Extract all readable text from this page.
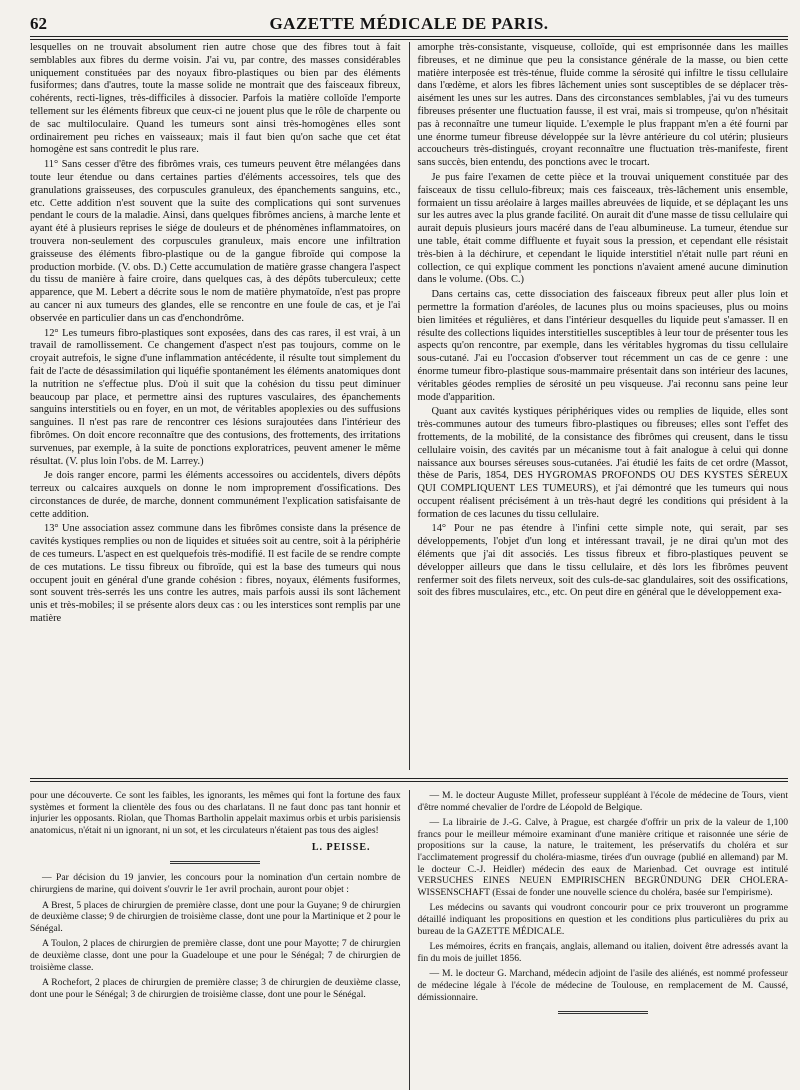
62	GAZETTE MÉDICALE DE PARIS.

lesquelles on ne trouvait absolument rien autre chose que des fibres tout à fait semblables aux fibres du derme voisin. J'ai vu, par contre, des masses considérables uniquement constituées par des noyaux fibro-plastiques ou bien par des éléments fusiformes; dans d'autres, toute la masse solide ne montrait que des faisceaux fibreux, cohérents, recti-lignes, très-difficiles à dissocier. Parfois la matière colloïde l'emporte tellement sur les éléments fibreux que ceux-ci ne jouent plus que le rôle de charpente ou de sac multiloculaire. Quand les tumeurs sont ainsi très-homogènes elles sont ordinairement peu riches en vaisseaux; mais il faut bien qu'on sache que cet état homogène est sans contredit le plus rare.

11° Sans cesser d'être des fibrômes vrais, ces tumeurs peuvent être mélangées dans toute leur étendue ou dans certaines parties d'éléments accessoires, tels que des granulations graisseuses, des corpuscules granuleux, des épanchements sanguins, etc., etc. Cette addition n'est souvent que la suite des complications qui sont survenues pendant le cours de la maladie. Ainsi, dans quelques fibrômes anciens, à marche lente et ayant été à plusieurs reprises le siége de douleurs et de phénomènes inflammatoires, on trouvera non-seulement des corpuscules granuleux, mais encore une infiltration graisseuse des éléments fibro-plastique ou de la gangue fibroïde qui compose la production morbide. (V. obs. D.) Cette accumulation de matière grasse changera l'aspect du tissu de manière à faire croire, dans quelques cas, à des dépôts tuberculeux; cette apparence, que M. Lebert a décrite sous le nom de matière phymatoïde, n'est pas propre au cancer ni aux tumeurs des glandes, elle se rencontre en une foule de cas, et je l'ai observée en particulier dans un cas d'enchondrôme.

12° Les tumeurs fibro-plastiques sont exposées, dans des cas rares, il est vrai, à un travail de ramollissement. Ce changement d'aspect n'est pas toujours, comme on le croyait autrefois, le signe d'une inflammation antécédente, il résulte tout simplement du fait de l'acte de désassimilation qui liquéfie spontanément les éléments anatomiques dont la nutrition ne s'effectue plus. D'où il suit que la cohésion du tissu peut diminuer beaucoup par place, et permettre ainsi des ruptures vasculaires, des épanchements sanguins interstitiels ou en foyer, en un mot, de véritables apoplexies ou des suffusions sanguines. Il n'est pas rare de rencontrer ces lésions surajoutées dans l'intérieur des fibrômes. On doit encore reconnaître que des contusions, des frottements, des irritations survenues, par exemple, à la suite de ponctions exploratrices, peuvent amener le même résultat. (V. plus loin l'obs. de M. Larrey.)

Je dois ranger encore, parmi les éléments accessoires ou accidentels, divers dépôts terreux ou calcaires auxquels on donne le nom improprement d'ossifications. Des circonstances de durée, de marche, donnent communément l'explication satisfaisante de cette addition.

13° Une association assez commune dans les fibrômes consiste dans la présence de cavités kystiques remplies ou non de liquides et situées soit au centre, soit à la périphérie de ces tumeurs. L'aspect en est quelquefois très-modifié. Il est facile de se rendre compte de ces mutations. Le tissu fibreux ou fibroïde, qui est la base des tumeurs qui nous occupent jouit en général d'une grande cohésion : fibres, noyaux, éléments fusiformes, sont souvent très-serrés les uns contre les autres, mais parfois aussi ils sont lâchement unis et très-mobiles; il se présente alors deux cas : ou les interstices sont remplis par une matière

amorphe très-consistante, visqueuse, colloïde, qui est emprisonnée dans les mailles fibreuses, et ne diminue que peu la consistance générale de la masse, ou bien cette matière interposée est très-ténue, fluide comme la sérosité qui infiltre le tissu cellulaire dans l'œdème, et alors les fibres lâchement unies sont susceptibles de se déplacer très-aisément les unes sur les autres. Dans des circonstances semblables, j'ai vu des tumeurs fibreuses présenter une fluctuation fausse, il est vrai, mais si trompeuse, qu'on n'hésitait pas à reconnaître une tumeur liquide. L'exemple le plus frappant m'en a été fourni par une énorme tumeur fibreuse développée sur la lèvre antérieure du col utérin; plusieurs accoucheurs très-distingués, croyant reconnaître une fluctuation très-manifeste, firent sans succès, bien entendu, des ponctions avec le trocart.

Je pus faire l'examen de cette pièce et la trouvai uniquement constituée par des faisceaux de tissu cellulo-fibreux; mais ces faisceaux, très-lâchement unis ensemble, formaient un tissu aréolaire à larges mailles abreuvées de liquide, et se déplaçant les uns sur les autres avec la plus grande facilité. On aurait dit d'une masse de tissu cellulaire qui aurait depuis plusieurs jours macéré dans de l'eau albumineuse. La tumeur, étendue sur une table, était comme diffluente et fuyait sous la pression, et cependant elle résistait très-bien à la déchirure, et cependant le liquide interstitiel n'était nulle part réuni en collection, ce qui explique comment les ponctions n'avaient amené aucune diminution dans le volume. (Obs. C.)

Dans certains cas, cette dissociation des faisceaux fibreux peut aller plus loin et permettre la formation d'aréoles, de lacunes plus ou moins spacieuses, plus ou moins bien limitées et régulières, et dans l'intérieur desquelles du liquide peut s'amasser. Il en résulte des collections liquides interstitielles susceptibles à leur tour de présenter tous les aspects qu'on rencontre, par exemple, dans les véritables hygromas du tissu cellulaire sous-cutané. J'ai eu l'occasion d'observer tout récemment un cas de ce genre : une énorme tumeur fibro-plastique sous-mammaire présentait dans son intérieur des lacunes, véritables géodes remplies de sérosité un peu visqueuse. J'ai reconnu sans peine leur mode d'apparition.

Quant aux cavités kystiques périphériques vides ou remplies de liquide, elles sont très-communes autour des tumeurs fibro-plastiques ou fibreuses; elles sont l'effet des frottements, de la mobilité, de la consistance des fibrômes qui creusent, dans le tissu cellulaire voisin, des cavités par un mécanisme tout à fait analogue à celui qui donne naissance aux bourses séreuses sous-cutanées. J'ai étudié les faits de cet ordre (Massot, thèse de Paris, 1854, DES HYGROMAS PROFONDS OU DES KYSTES SÉREUX QUI COMPLIQUENT LES TUMEURS), et j'ai démontré que les tumeurs qui nous occupent réalisent précisément à un très-haut degré les conditions qui président à la formation de ces lacunes du tissu cellulaire.

14° Pour ne pas étendre à l'infini cette simple note, qui serait, par ses développements, l'objet d'un long et intéressant travail, je ne dirai qu'un mot des éléments que j'ai dit associés. Les tissus fibreux et fibro-plastiques peuvent se développer ailleurs que dans le tissu cellulaire, et dès lors les fibrômes peuvent renfermer soit des filets nerveux, soit des culs-de-sac glandulaires, soit des ossifications, soit des fibres musculaires, etc., etc. On peut dire en général que le développement exa-

pour une découverte. Ce sont les faibles, les ignorants, les mêmes qui font la fortune des faux systèmes et forment la clientèle des fous ou des charlatans. Il ne faut donc pas tant honnir et injurier les opposants. Riolan, que Thomas Bartholin appelait maximus orbis et urbis parisiensis anatomicus, n'était ni un ignorant, ni un sot, et les circulateurs n'étaient pas tous des aigles!

L. PEISSE.

— Par décision du 19 janvier, les concours pour la nomination d'un certain nombre de chirurgiens de marine, qui doivent s'ouvrir le 1er avril prochain, auront pour objet :

A Brest, 5 places de chirurgien de première classe, dont une pour la Guyane; 9 de chirurgien de deuxième classe; 9 de chirurgien de troisième classe, dont une pour la Martinique et 2 pour le Sénégal.

A Toulon, 2 places de chirurgien de première classe, dont une pour Mayotte; 7 de chirurgien de deuxième classe, dont une pour la Guadeloupe et une pour le Sénégal; 7 de chirurgien de troisième classe.

A Rochefort, 2 places de chirurgien de première classe; 3 de chirurgien de deuxième classe, dont une pour le Sénégal; 3 de chirurgien de troisième classe, dont une pour le Sénégal.

— M. le docteur Auguste Millet, professeur suppléant à l'école de médecine de Tours, vient d'être nommé chevalier de l'ordre de Léopold de Belgique.

— La librairie de J.-G. Calve, à Prague, est chargée d'offrir un prix de la valeur de 1,100 francs pour le meilleur mémoire examinant d'une manière critique et raisonnée une série de propositions sur la cause, la nature, le traitement, les préservatifs du choléra et sur l'acclimatement progressif du choléra-miasme, tirées d'un ouvrage (publié en allemand) par M. le docteur C.-J. Heidler) médecin des eaux de Marienbad. Cet ouvrage est intitulé VERSUCHES EINES NEUEN EMPIRISCHEN BEGRÜNDUNG DER CHOLERA-WISSENSCHAFT (Essai de fonder une nouvelle science du choléra, basée sur l'empirisme).

Les médecins ou savants qui voudront concourir pour ce prix trouveront un programme détaillé indiquant les propositions en question et les conditions plus particulières du prix au bureau de la GAZETTE MÉDICALE.

Les mémoires, écrits en français, anglais, allemand ou italien, doivent être adressés avant la fin du mois de juillet 1856.

— M. le docteur G. Marchand, médecin adjoint de l'asile des aliénés, est nommé professeur de médecine légale à l'école de médecine de Toulouse, en remplacement de M. Caussé, démissionnaire.
